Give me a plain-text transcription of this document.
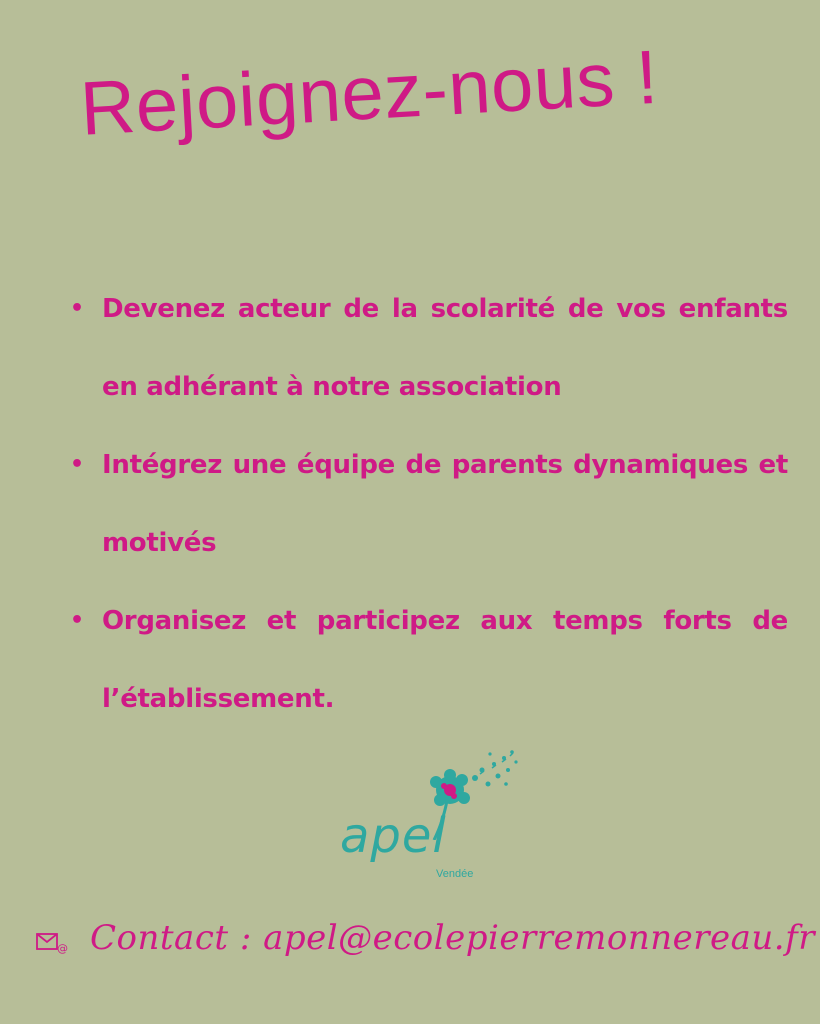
Rejoignez-nous !
• Devenez acteur de la scolarité de vos enfants en adhérant à notre association
• Intégrez une équipe de parents dynamiques et motivés
• Organisez et participez aux temps forts de l’établissement.
apel
Vendée
@ Contact : apel@ecolepierremonnereau.fr
